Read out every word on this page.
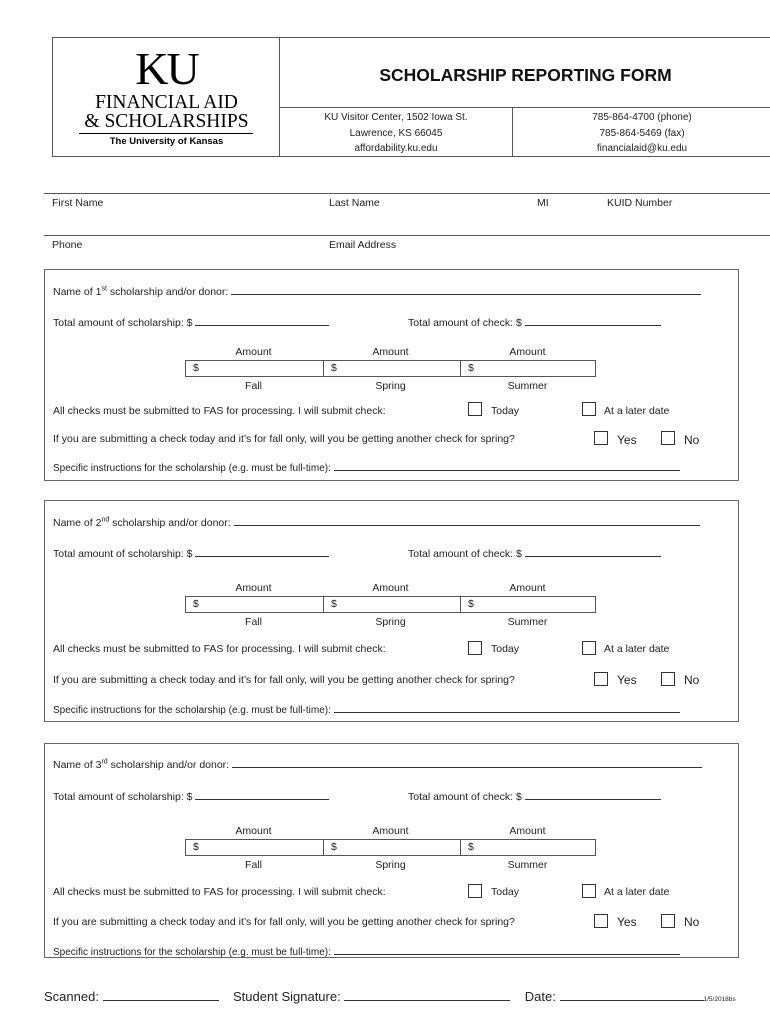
KU
FINANCIAL AID
& SCHOLARSHIPS
The University of Kansas
SCHOLARSHIP REPORTING FORM
KU Visitor Center, 1502 Iowa St.
Lawrence, KS 66045
affordability.ku.edu
785-864-4700 (phone)
785-864-5469 (fax)
financialaid@ku.edu
First Name	Last Name	MI	KUID Number
Phone	Email Address
Name of 1st scholarship and/or donor:
Total amount of scholarship: $	Total amount of check: $
Amount	Amount	Amount
$	$	$
Fall	Spring	Summer
All checks must be submitted to FAS for processing. I will submit check:	Today	At a later date
If you are submitting a check today and it’s for fall only, will you be getting another check for spring?	Yes	No
Specific instructions for the scholarship (e.g. must be full-time):
Name of 2nd scholarship and/or donor:
Total amount of scholarship: $	Total amount of check: $
Amount	Amount	Amount
$	$	$
Fall	Spring	Summer
All checks must be submitted to FAS for processing. I will submit check:	Today	At a later date
If you are submitting a check today and it’s for fall only, will you be getting another check for spring?	Yes	No
Specific instructions for the scholarship (e.g. must be full-time):
Name of 3rd scholarship and/or donor:
Total amount of scholarship: $	Total amount of check: $
Amount	Amount	Amount
$	$	$
Fall	Spring	Summer
All checks must be submitted to FAS for processing. I will submit check:	Today	At a later date
If you are submitting a check today and it’s for fall only, will you be getting another check for spring?	Yes	No
Specific instructions for the scholarship (e.g. must be full-time):
Scanned:	Student Signature:	Date:	1/5/2018bs
